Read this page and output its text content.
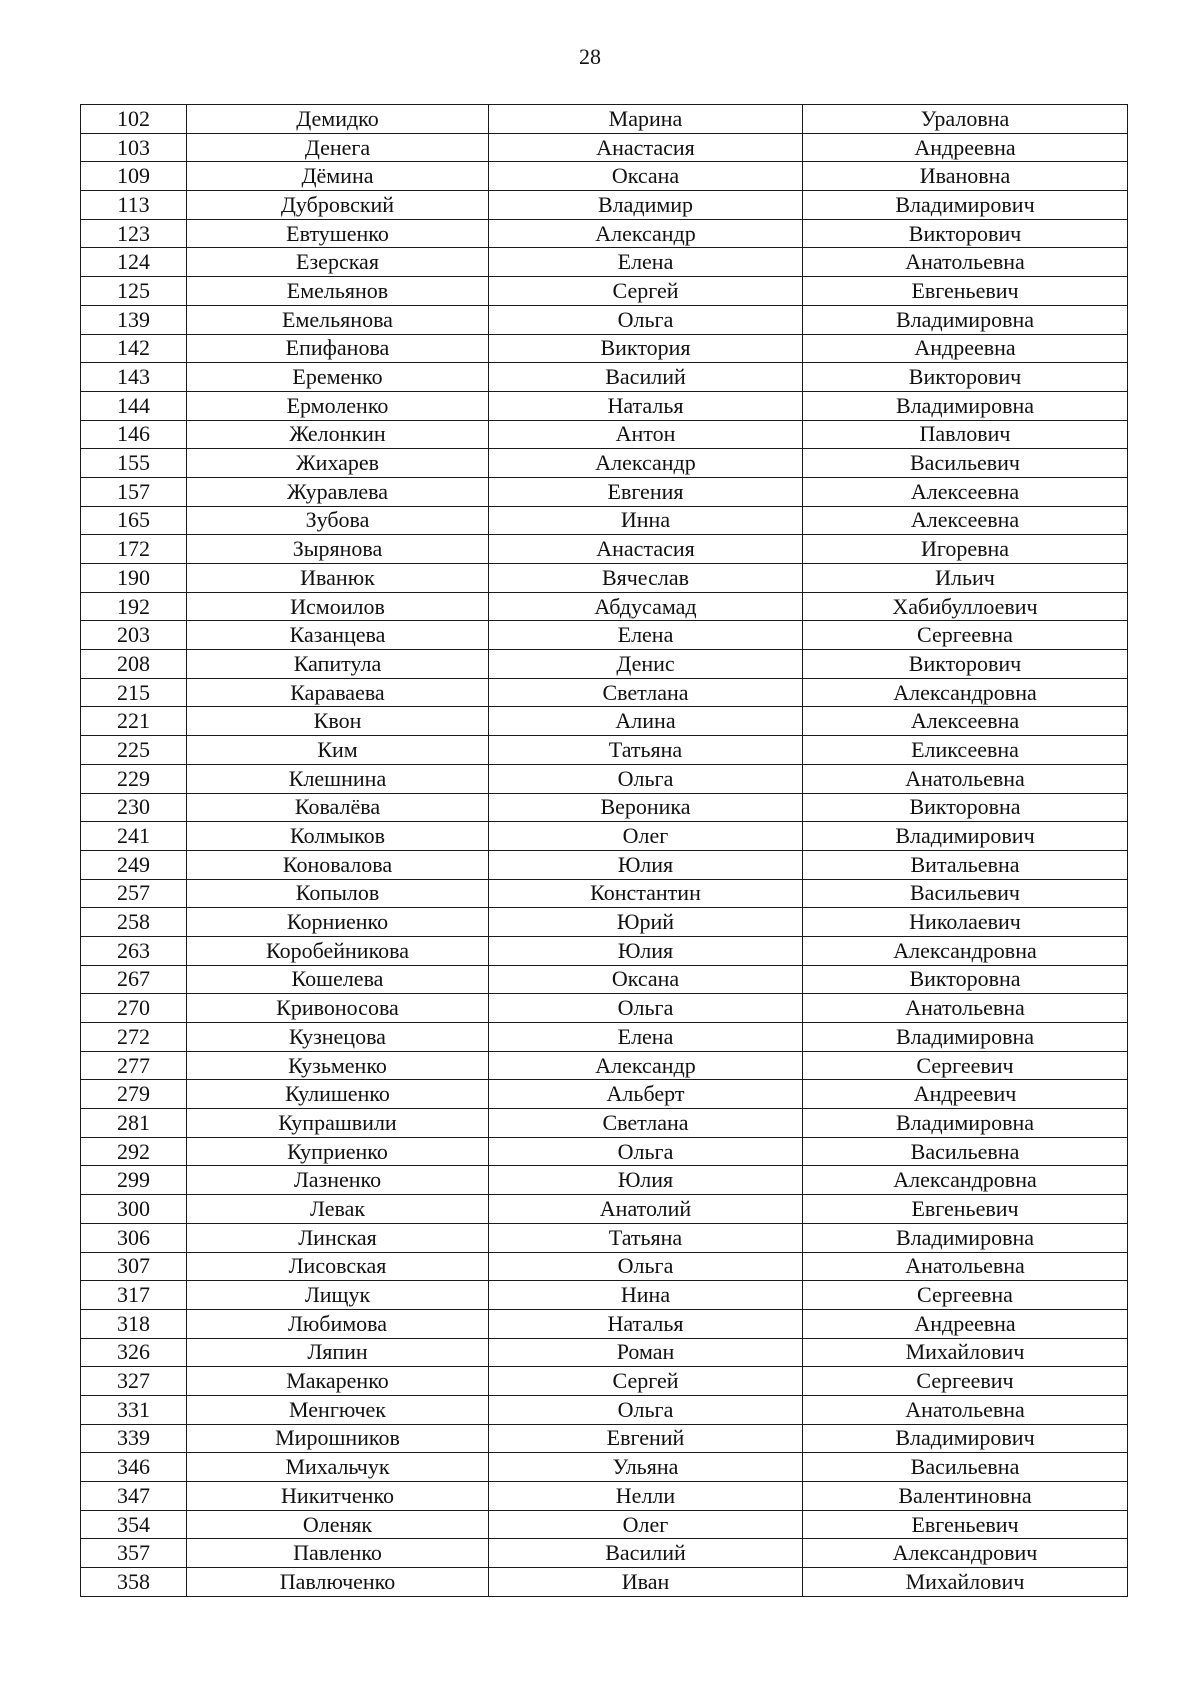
28
102	Демидко	Марина	Ураловна
103	Денега	Анастасия	Андреевна
109	Дёмина	Оксана	Ивановна
113	Дубровский	Владимир	Владимирович
123	Евтушенко	Александр	Викторович
124	Езерская	Елена	Анатольевна
125	Емельянов	Сергей	Евгеньевич
139	Емельянова	Ольга	Владимировна
142	Епифанова	Виктория	Андреевна
143	Еременко	Василий	Викторович
144	Ермоленко	Наталья	Владимировна
146	Желонкин	Антон	Павлович
155	Жихарев	Александр	Васильевич
157	Журавлева	Евгения	Алексеевна
165	Зубова	Инна	Алексеевна
172	Зырянова	Анастасия	Игоревна
190	Иванюк	Вячеслав	Ильич
192	Исмоилов	Абдусамад	Хабибуллоевич
203	Казанцева	Елена	Сергеевна
208	Капитула	Денис	Викторович
215	Караваева	Светлана	Александровна
221	Квон	Алина	Алексеевна
225	Ким	Татьяна	Еликсеевна
229	Клешнина	Ольга	Анатольевна
230	Ковалёва	Вероника	Викторовна
241	Колмыков	Олег	Владимирович
249	Коновалова	Юлия	Витальевна
257	Копылов	Константин	Васильевич
258	Корниенко	Юрий	Николаевич
263	Коробейникова	Юлия	Александровна
267	Кошелева	Оксана	Викторовна
270	Кривоносова	Ольга	Анатольевна
272	Кузнецова	Елена	Владимировна
277	Кузьменко	Александр	Сергеевич
279	Кулишенко	Альберт	Андреевич
281	Купрашвили	Светлана	Владимировна
292	Куприенко	Ольга	Васильевна
299	Лазненко	Юлия	Александровна
300	Левак	Анатолий	Евгеньевич
306	Линская	Татьяна	Владимировна
307	Лисовская	Ольга	Анатольевна
317	Лищук	Нина	Сергеевна
318	Любимова	Наталья	Андреевна
326	Ляпин	Роман	Михайлович
327	Макаренко	Сергей	Сергеевич
331	Менгючек	Ольга	Анатольевна
339	Мирошников	Евгений	Владимирович
346	Михальчук	Ульяна	Васильевна
347	Никитченко	Нелли	Валентиновна
354	Оленяк	Олег	Евгеньевич
357	Павленко	Василий	Александрович
358	Павлюченко	Иван	Михайлович
